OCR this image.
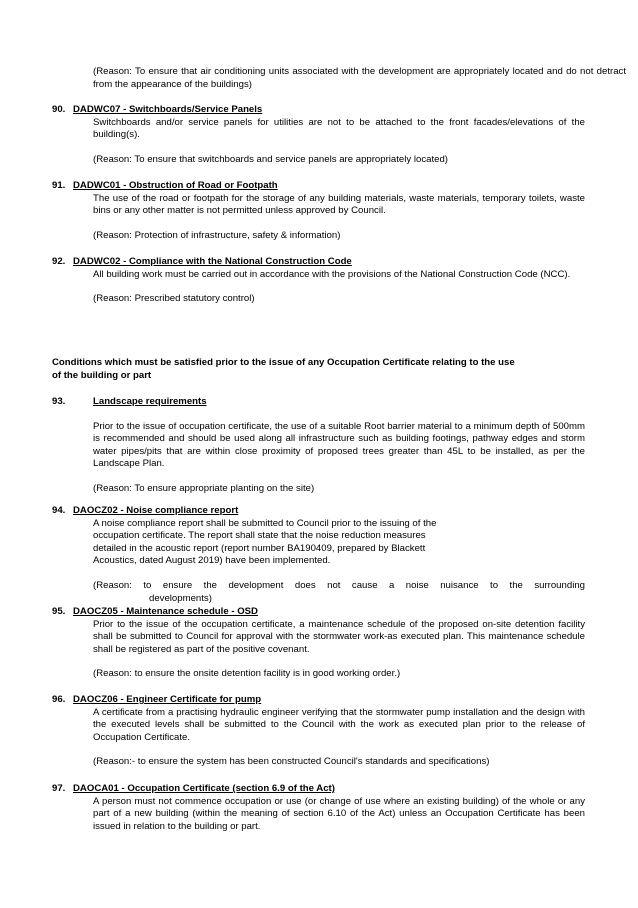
(Reason: To ensure that air conditioning units associated with the development are appropriately located and do not detract from the appearance of the buildings)

90. DADWC07 - Switchboards/Service Panels

Switchboards and/or service panels for utilities are not to be attached to the front facades/elevations of the building(s).

(Reason: To ensure that switchboards and service panels are appropriately located)

91. DADWC01 - Obstruction of Road or Footpath

The use of the road or footpath for the storage of any building materials, waste materials, temporary toilets, waste bins or any other matter is not permitted unless approved by Council.

(Reason: Protection of infrastructure, safety & information)

92. DADWC02 - Compliance with the National Construction Code

All building work must be carried out in accordance with the provisions of the National Construction Code (NCC).

(Reason: Prescribed statutory control)

Conditions which must be satisfied prior to the issue of any Occupation Certificate relating to the use
of the building or part
93.	Landscape requirements

Prior to the issue of occupation certificate, the use of a suitable Root barrier material to a minimum depth of 500mm is recommended and should be used along all infrastructure such as building footings, pathway edges and storm water pipes/pits that are within close proximity of proposed trees greater than 45L to be installed, as per the Landscape Plan.

(Reason: To ensure appropriate planting on the site)

94. DAOCZ02 - Noise compliance report
A noise compliance report shall be submitted to Council prior to the issuing of the
occupation certificate. The report shall state that the noise reduction measures
detailed in the acoustic report (report number BA190409, prepared by Blackett
Acoustics, dated August 2019) have been implemented.

(Reason: to ensure the development does not cause a noise nuisance to the surrounding

developments)

95. DAOCZ05 - Maintenance schedule - OSD

Prior to the issue of the occupation certificate, a maintenance schedule of the proposed on-site detention facility shall be submitted to Council for approval with the stormwater work-as executed plan. This maintenance schedule shall be registered as part of the positive covenant.

(Reason: to ensure the onsite detention facility is in good working order.)

96. DAOCZ06 - Engineer Certificate for pump

A certificate from a practising hydraulic engineer verifying that the stormwater pump installation and the design with the executed levels shall be submitted to the Council with the work as executed plan prior to the release of Occupation Certificate.

(Reason:- to ensure the system has been constructed Council's standards and specifications)

97. DAOCA01 - Occupation Certificate (section 6.9 of the Act)

A person must not commence occupation or use (or change of use where an existing building) of the whole or any part of a new building (within the meaning of section 6.10 of the Act) unless an Occupation Certificate has been issued in relation to the building or part.
